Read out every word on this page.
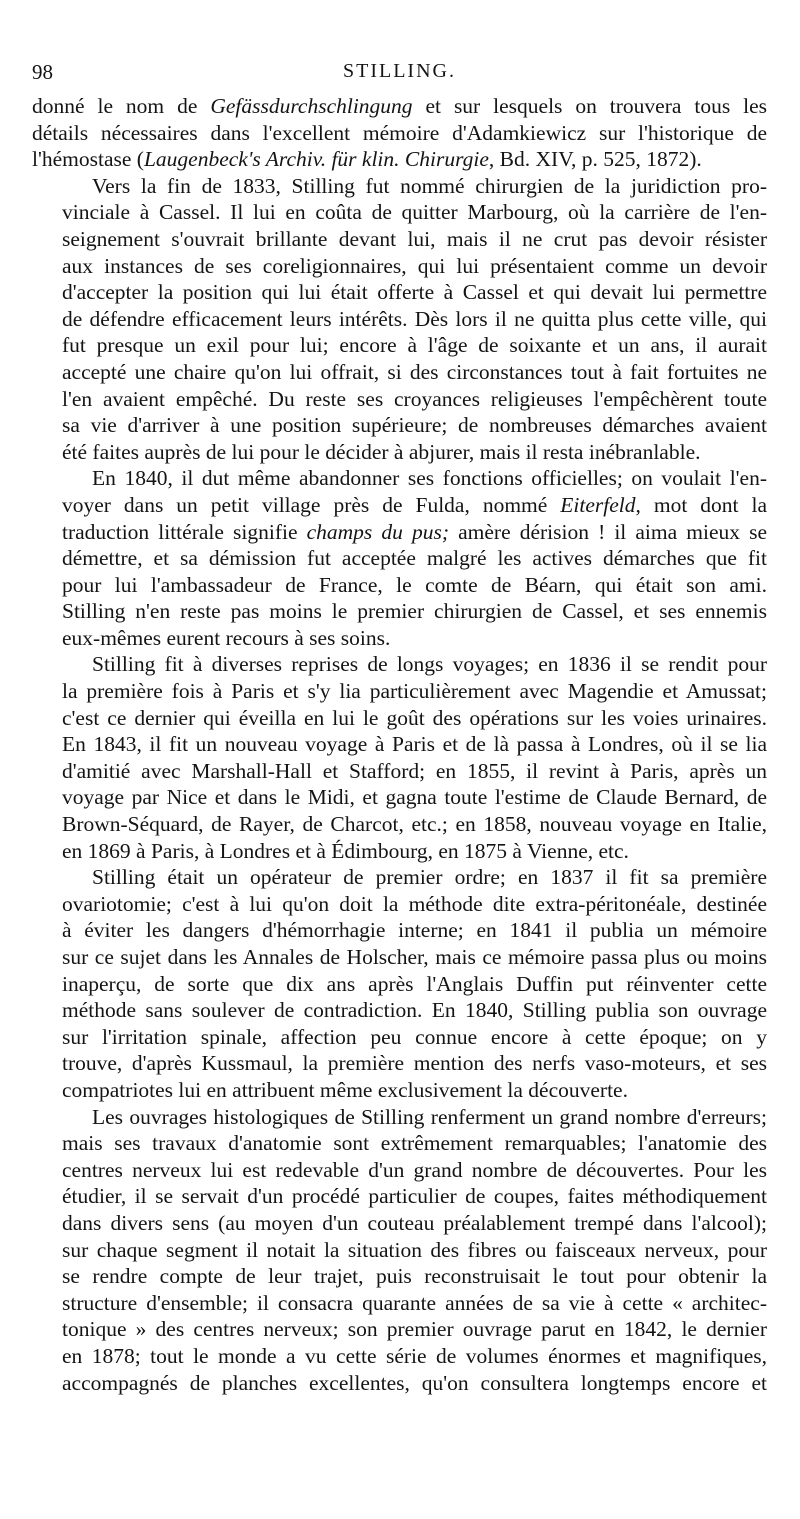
98	STILLING.

donné le nom de Gefässdurchschlingung et sur lesquels on trouvera tous les
détails nécessaires dans l'excellent mémoire d'Adamkiewicz sur l'historique de
l'hémostase (Laugenbeck's Archiv. für klin. Chirurgie, Bd. XIV, p. 525, 1872).

Vers la fin de 1833, Stilling fut nommé chirurgien de la juridiction pro-
vinciale à Cassel. Il lui en coûta de quitter Marbourg, où la carrière de l'en-
seignement s'ouvrait brillante devant lui, mais il ne crut pas devoir résister
aux instances de ses coreligionnaires, qui lui présentaient comme un devoir
d'accepter la position qui lui était offerte à Cassel et qui devait lui permettre
de défendre efficacement leurs intérêts. Dès lors il ne quitta plus cette ville, qui
fut presque un exil pour lui; encore à l'âge de soixante et un ans, il aurait
accepté une chaire qu'on lui offrait, si des circonstances tout à fait fortuites ne
l'en avaient empêché. Du reste ses croyances religieuses l'empêchèrent toute
sa vie d'arriver à une position supérieure; de nombreuses démarches avaient
été faites auprès de lui pour le décider à abjurer, mais il resta inébranlable.

En 1840, il dut même abandonner ses fonctions officielles; on voulait l'en-
voyer dans un petit village près de Fulda, nommé Eiterfeld, mot dont la
traduction littérale signifie champs du pus; amère dérision ! il aima mieux se
démettre, et sa démission fut acceptée malgré les actives démarches que fit
pour lui l'ambassadeur de France, le comte de Béarn, qui était son ami.
Stilling n'en reste pas moins le premier chirurgien de Cassel, et ses ennemis
eux-mêmes eurent recours à ses soins.

Stilling fit à diverses reprises de longs voyages; en 1836 il se rendit pour
la première fois à Paris et s'y lia particulièrement avec Magendie et Amussat;
c'est ce dernier qui éveilla en lui le goût des opérations sur les voies urinaires.
En 1843, il fit un nouveau voyage à Paris et de là passa à Londres, où il se lia
d'amitié avec Marshall-Hall et Stafford; en 1855, il revint à Paris, après un
voyage par Nice et dans le Midi, et gagna toute l'estime de Claude Bernard, de
Brown-Séquard, de Rayer, de Charcot, etc.; en 1858, nouveau voyage en Italie,
en 1869 à Paris, à Londres et à Édimbourg, en 1875 à Vienne, etc.

Stilling était un opérateur de premier ordre; en 1837 il fit sa première
ovariotomie; c'est à lui qu'on doit la méthode dite extra-péritonéale, destinée
à éviter les dangers d'hémorrhagie interne; en 1841 il publia un mémoire
sur ce sujet dans les Annales de Holscher, mais ce mémoire passa plus ou moins
inaperçu, de sorte que dix ans après l'Anglais Duffin put réinventer cette
méthode sans soulever de contradiction. En 1840, Stilling publia son ouvrage
sur l'irritation spinale, affection peu connue encore à cette époque; on y
trouve, d'après Kussmaul, la première mention des nerfs vaso-moteurs, et ses
compatriotes lui en attribuent même exclusivement la découverte.

Les ouvrages histologiques de Stilling renferment un grand nombre d'erreurs;
mais ses travaux d'anatomie sont extrêmement remarquables; l'anatomie des
centres nerveux lui est redevable d'un grand nombre de découvertes. Pour les
étudier, il se servait d'un procédé particulier de coupes, faites méthodiquement
dans divers sens (au moyen d'un couteau préalablement trempé dans l'alcool);
sur chaque segment il notait la situation des fibres ou faisceaux nerveux, pour
se rendre compte de leur trajet, puis reconstruisait le tout pour obtenir la
structure d'ensemble; il consacra quarante années de sa vie à cette « architec-
tonique » des centres nerveux; son premier ouvrage parut en 1842, le dernier
en 1878; tout le monde a vu cette série de volumes énormes et magnifiques,
accompagnés de planches excellentes, qu'on consultera longtemps encore et
